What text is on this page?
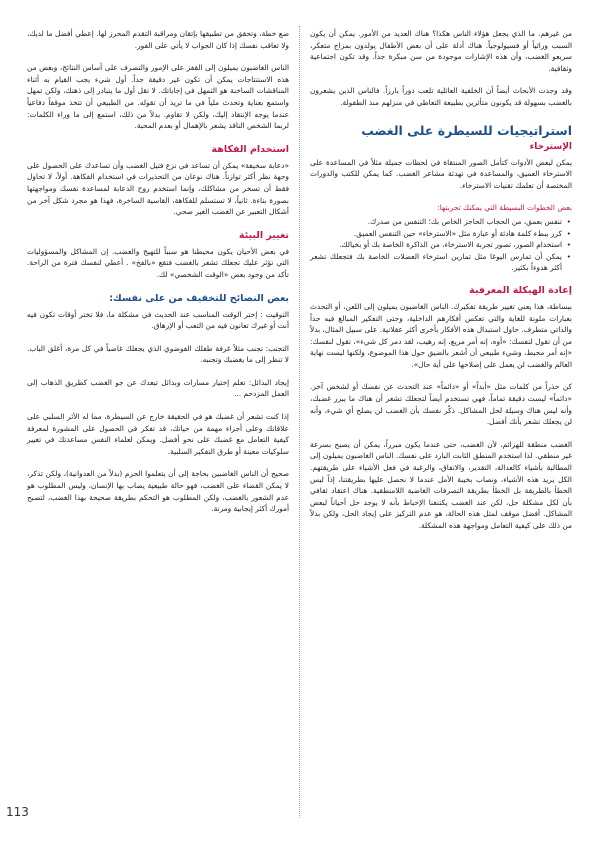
من غيرهم. ما الذي يجعل هؤلاء الناس هكذا؟ هناك العديد من الأمور. يمكن أن يكون السبب وراثياً أو فسيولوجياً. هناك أدلة على أن بعض الأطفال يولدون بمزاج متعكر، سريعو الغضب، وأن هذه الإشارات موجودة من سن مبكرة جداً. وقد تكون اجتماعية وثقافية.

وقد وجدت الأبحاث أيضاً أن الخلفية العائلية تلعب دوراً بارزاً. فالناس الذين يشعرون بالغضب بسهولة قد يكونون متأثرين بطبيعة التعاطي في منزلهم منذ الطفولة.

استراتيجيات للسيطرة على الغضب
الإسترخاء

يمكن لبعض الأدوات كتأمل الصور المنتقاة في لحظات جميلة مثلاً في المساعدة على الاسترخاء العميق، والمساعدة في تهدئة مشاعر الغضب. كما يمكن للكتب والدورات المختصة أن تعلمك تقنيات الاسترخاء.

بعض الخطوات البسيطة التي يمكنك تجربتها:
• تنفس بعمق، من الحجاب الحاجز الخاص بك؛ التنفس من صدرك.
• كرر ببطء كلمة هادئة أو عبارة مثل «الاسترخاء» حين التنفس العميق.
• استخدام الصور، تصور تجربة الاسترخاء، من الذاكرة الخاصة بك أو بخيالك.
• يمكن أن تمارس اليوغا مثل تمارين استرخاء العضلات الخاصة بك فتجعلك تشعر أكثر هدوءاً بكثير.
إعادة الهيكلة المعرفية

ببساطة، هذا يعني تغيير طريقة تفكيرك. الناس الغاضبون يميلون إلى اللعن، أو التحدث بعبارات ملونة للغاية والتي تعكس أفكارهم الداخلية، وحتى التفكير المبالغ فيه جداً والذاتي متطرف. حاول استبدال هذه الأفكار بأخرى أكثر عقلانية. على سبيل المثال، بدلاً من أن تقول لنفسك: «أوه، إنه أمر مريع، إنه رهيب، لقد دمر كل شيء»، تقول لنفسك: «إنه أمر محبط، وشيء طبيعي أن أشعر بالضيق حول هذا الموضوع، ولكنها ليست نهاية العالم والغضب لن يعمل على إصلاحها على أية حال».

كن حذراً من كلمات مثل «أبداً» أو «دائماً» عند التحدث عن نفسك أو لشخص آخر. «دائماً» ليست دقيقة تماماً، فهي تستخدم أيضاً لتجعلك تشعر أن هناك ما يبرر غضبك، وأنه ليس هناك وسيلة لحل المشاكل. ذكّر نفسك بأن الغضب لن يصلح أي شيء، وأنه لن يجعلك تشعر بأنك أفضل.

الغضب منطقة للهزائم، لأن الغضب، حتى عندما يكون مبرراً، يمكن أن يصبح بسرعة غير منطقي. لذا استخدم المنطق الثابت البارد على نفسك. الناس الغاضبون يميلون إلى المطالبة بأشياء كالعدالة، التقدير، والاتفاق، والرغبة في فعل الأشياء على طريقتهم. الكل يريد هذه الأشياء، ونصاب بخيبة الأمل عندما لا نحصل عليها بطريقتنا، إذاً ليس الخطأ بالطريقة بل الخطأ بطريقة التصرفات الغاضبة اللامنطقية. هناك اعتقاد ثقافي بأن لكل مشكلة حل، لكن عند الغضب يكتنفنا الإحباط بأنه لا يوجد حل أحياناً لبعض المشاكل. أفضل موقف لمثل هذه الحالة، هو عدم التركيز على إيجاد الحل، ولكن بدلاً من ذلك على كيفية التعامل ومواجهة هذه المشكلة.

ضع خطة، وتحقق من تطبيقها بإتقان ومراقبة التقدم المحرز لها. إعطي أفضل ما لديك، ولا تعاقب نفسك إذا كان الجواب لا يأتي على الفور.

الناس الغاضبون يميلون إلى القفز على الإمور والتصرف على أساس النتائج، وبعض من هذه الاستنتاجات يمكن أن تكون غير دقيقة جداً. أول شيء يجب القيام به أثناء المناقشات الساخنة هو التمهل في إجاباتك. لا تقل أول ما يتبادر إلى ذهنك، ولكن تمهل واستمع بعناية وتحدث ملياً في ما تريد أن تقوله. من الطبيعي أن تتخذ موقفاً دفاعياً عندما يوجه الإنتقاد إليك، ولكن لا تقاوم. بدلاً من ذلك، استمع إلى ما وراء الكلمات: لربما الشخص الناقد يشعر بالإهمال أو بعدم المحبة.

استخدام الفكاهة

«دعابة سخيفة» يمكن أن تساعد في نزع فتيل الغضب وأن تساعدك على الحصول على وجهة نظر أكثر توازناً. هناك نوعان من التحذيرات في استخدام الفكاهة. أولاً، لا تحاول فقط أن تسخر من مشاكلك، وإنما استخدم روح الدعابة لمساعدة نفسك ومواجهتها بصورة بناءة. ثانياً، لا تستسلم للفكاهة، القاسية الساخرة، فهذا هو مجرد شكل آخر من أشكال التعبير عن الغضب الغير صحي.

تغيير البيئة

في بعض الأحيان يكون محيطنا هو سبباً للتهيج والغضب. إن المشاكل والمسؤوليات التي تؤثر عليك تجعلك تشعر بالغضب فتقع «بالفخ» . أعطي لنفسك فترة من الراحة. تأكد من وجود بعض «الوقت الشخصي» لك.

بعض النصائح للتخفيف من على نفسك:

التوقيت : إختر الوقت المناسب عند الحديث في مشكلة ما، فلا تختر أوقات تكون فيه أنت أو غيرك تعانون فيه من التعب أو الإرهاق.

التجنب: تجنب مثلاً غرفة طفلك الفوضوي الذي يجعلك غاضباً في كل مرة، أغلق الباب. لا تنظر إلى ما يغضبك وتجنبه.

إيجاد البدائل: تعلم إختيار مسارات وبدائل تبعدك عن جو الغضب كطريق الذهاب إلى العمل المزدحم ...

إذا كنت تشعر أن غضبك هو في الحقيقة خارج عن السيطرة، مما له الأثر السلبي على علاقاتك وعلى أجزاء مهمة من حياتك، قد تفكر في الحصول على المشورة لمعرفة كيفية التعامل مع غضبك على نحو أفضل. ويمكن لعلماء النفس مساعدتك في تغيير سلوكيات معينة أو طرق التفكير السلبية.

صحيح أن الناس الغاضبين بحاجة إلى أن يتعلموا الحزم (بدلاً من العدوانية)، ولكن تذكر، لا يمكن القضاء على الغضب، فهو حالة طبيعية يصاب بها الإنسان، وليس المطلوب هو عدم الشعور بالغضب، ولكن المطلوب هو التحكم بطريقة صحيحة بهذا الغضب، لتصبح أمورك أكثر إيجابية ومرنة.

113
